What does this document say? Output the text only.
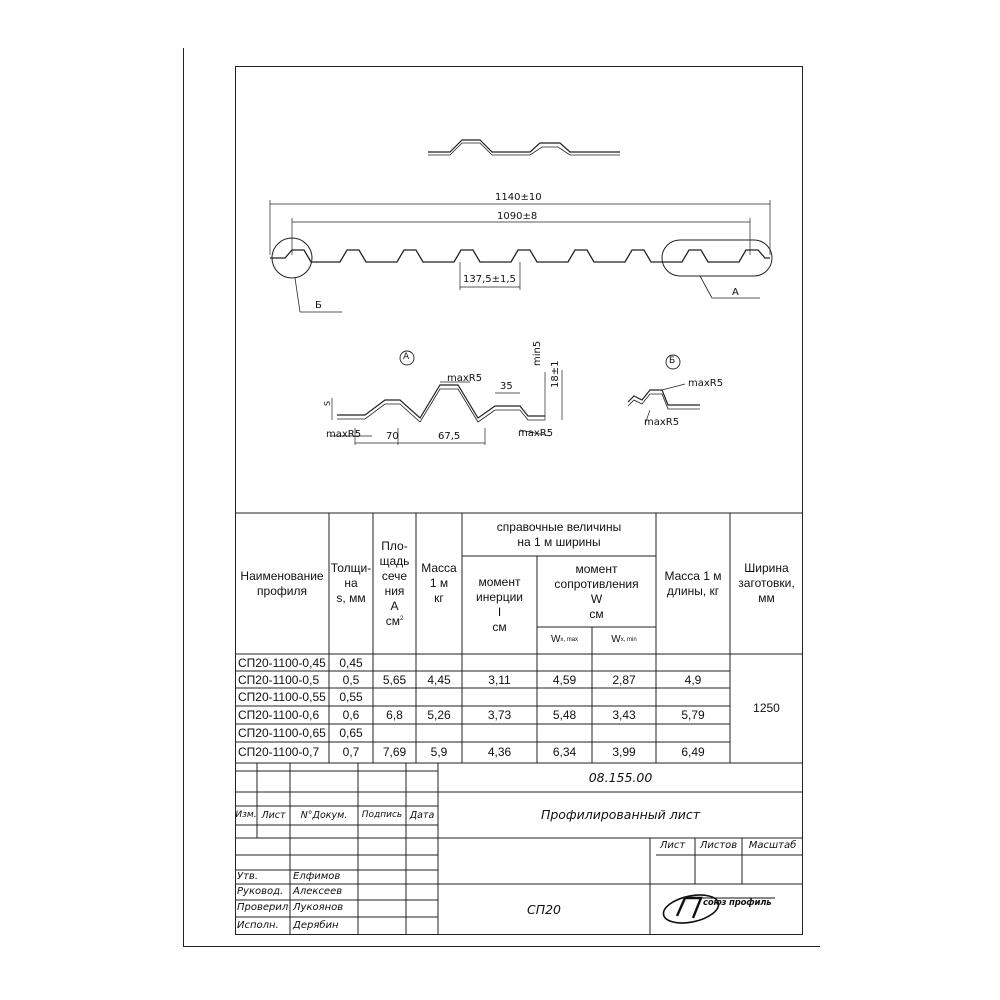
1140±10
1090±8
137,5±1,5
Б
А
А
maxR5
maxR5	maxR5
35
min5
18±1
S
70	67,5
Б
maxR5
maxR5
Наименование
профиля
Толщи-
на
s, мм
Пло-
щадь
сече
ния
A
$см^2$
Масса
1 м
кг
справочные величины
на 1 м ширины
момент
инерции
I
см
момент
сопротивления
W
см
W x, max	W x, min
Масса 1 м
длины, кг
Ширина
заготовки,
мм
СП20-1100-0,45	0,45
СП20-1100-0,5	0,5	5,65	4,45	3,11	4,59	2,87	4,9
СП20-1100-0,55	0,55
СП20-1100-0,6	0,6	6,8	5,26	3,73	5,48	3,43	5,79
СП20-1100-0,65	0,65
СП20-1100-0,7	0,7	7,69	5,9	4,36	6,34	3,99	6,49
1250
08.155.00
Профилированный лист
Изм. Лист	N°Докум.	Подпись Дата
Лист	Листов	Масштаб
Утв.	Елфимов
Руковод. Алексеев
Проверил Лукоянов
Исполн.	Дерябин
СП20	союз профиль
